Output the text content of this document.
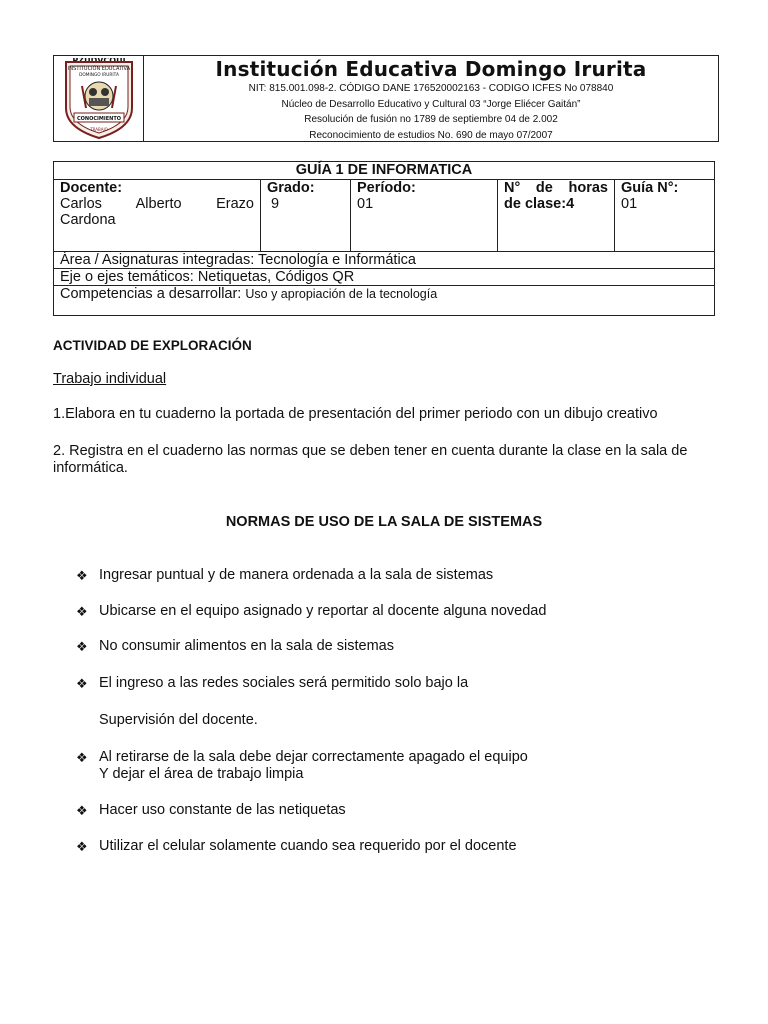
INSTITUCIÓN EDUCATIVA
DOMINGO IRURITA
CONOCIMIENTO
TRABAJO
Institución Educativa Domingo Irurita
NIT: 815.001.098-2. CÓDIGO DANE 176520002163 - CODIGO ICFES No 078840
Núcleo de Desarrollo Educativo y Cultural 03 “Jorge Eliécer Gaitán”
Resolución de fusión no 1789 de septiembre 04 de 2.002
Reconocimiento de estudios No. 690 de mayo 07/2007
GUÍA 1 DE INFORMATICA

Docente:
Carlos Alberto Erazo
Cardona

Grado:
9

Período:
01

N° de horas
de clase:4

Guía N°:
01

Área / Asignaturas integradas: Tecnología e Informática
Eje o ejes temáticos: Netiquetas, Códigos QR
Competencias a desarrollar: Uso y apropiación de la tecnología
ACTIVIDAD DE EXPLORACIÓN
Trabajo individual
1.Elabora en tu cuaderno la portada de presentación del primer periodo con un dibujo creativo
2. Registra en el cuaderno las normas que se deben tener en cuenta durante la clase en la sala de informática.
NORMAS DE USO DE LA SALA DE SISTEMAS
❖ Ingresar puntual y de manera ordenada a la sala de sistemas
❖ Ubicarse en el equipo asignado y reportar al docente alguna novedad
❖ No consumir alimentos en la sala de sistemas
❖ El ingreso a las redes sociales será permitido solo bajo la
Supervisión del docente.
❖ Al retirarse de la sala debe dejar correctamente apagado el equipo
Y dejar el área de trabajo limpia
❖ Hacer uso constante de las netiquetas
❖ Utilizar el celular solamente cuando sea requerido por el docente
